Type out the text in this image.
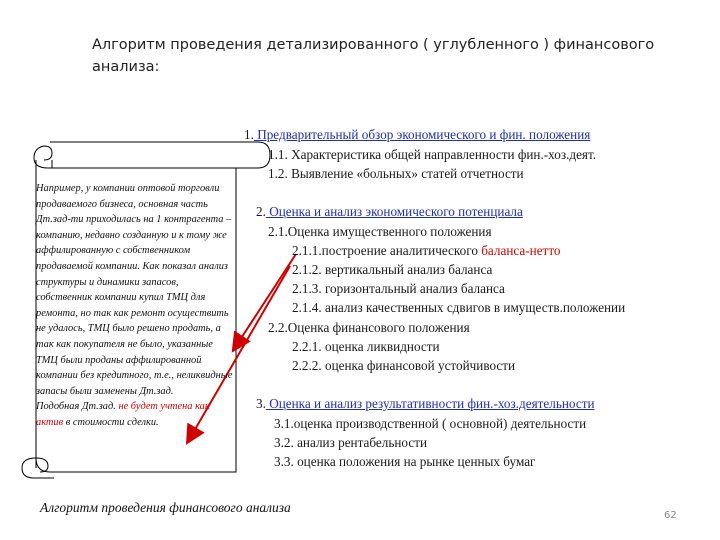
Алгоритм проведения детализированного ( углубленного ) финансового анализа:
Например, у компании оптовой торговли продаваемого бизнеса, основная часть Дт.зад-ти приходилась на 1 контрагента – компанию, недавно созданную и к тому же аффилированную с собственником продаваемой компании. Как показал анализ структуры и динамики запасов, собственник компании купил ТМЦ для ремонта, но так как ремонт осуществить не удалось, ТМЦ было решено продать, а так как покупателя не было, указанные ТМЦ были проданы аффилированной компании без кредитного, т.е., неликвидные запасы были заменены Дт.зад.
Подобная Дт.зад. не будет учтена как актив в стоимости сделки.
1. Предварительный обзор экономического и фин. положения
1.1. Характеристика общей направленности фин.-хоз.деят.
1.2. Выявление «больных» статей отчетности
2. Оценка и анализ экономического потенциала
2.1.Оценка имущественного положения
2.1.1.построение аналитического баланса-нетто
2.1.2. вертикальный анализ баланса
2.1.3. горизонтальный анализ баланса
2.1.4. анализ качественных сдвигов в имуществ.положении
2.2.Оценка финансового положения
2.2.1. оценка ликвидности
2.2.2. оценка финансовой устойчивости
3. Оценка и анализ результативности фин.-хоз.деятельности
3.1.оценка производственной ( основной) деятельности
3.2. анализ рентабельности
3.3. оценка положения на рынке ценных бумаг
Алгоритм проведения финансового анализа
62
